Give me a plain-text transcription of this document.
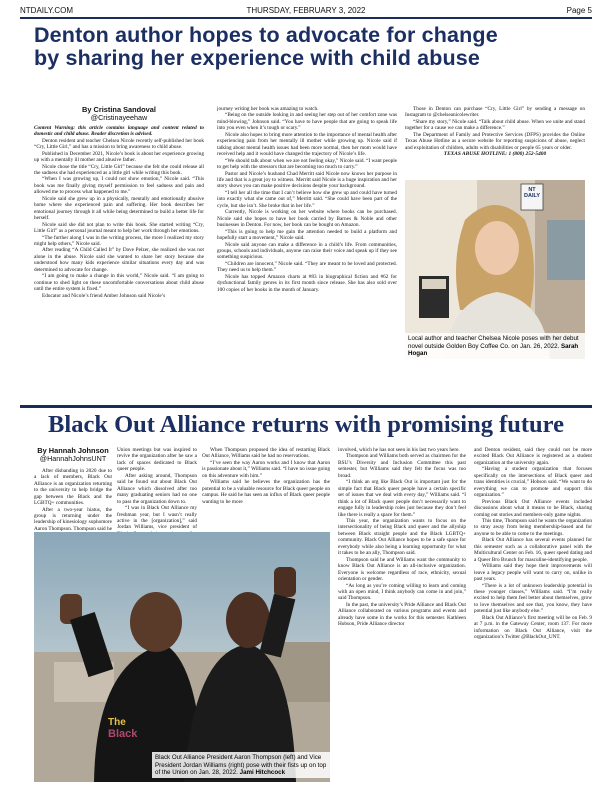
NTDAILY.COM	THURSDAY, FEBRUARY 3, 2022	Page 5
Denton author hopes to advocate for change
by sharing her experience with child abuse
By Cristina Sandoval
@Cristinayeehaw

Content Warning: this article contains language and content related to domestic and child abuse. Reader discretion is advised.

Denton resident and teacher Chelsea Nicole recently self-published her book “Cry, Little Girl,” and has a mission to bring awareness to child abuse.

Published in December 2021, Nicole’s book is about her experience growing up with a mentally ill mother and abusive father.

Nicole chose the title “Cry, Little Girl” because she felt she could release all the sadness she had experienced as a little girl while writing this book.

“When I was growing up, I could not show emotion,” Nicole said. “This book was me finally giving myself permission to feel sadness and pain and allowed me to process what happened to me.”

Nicole said she grew up in a physically, mentally and emotionally abusive home where she experienced pain and suffering. Her book describes her emotional journey through it all while being determined to build a better life for herself.

Nicole said she did not plan to write this book. She started writing “Cry, Little Girl” as a personal journal meant to help her work through her emotions.

“The further along I was in the writing process, the more I realized my story might help others,” Nicole said.

After reading “A Child Called It” by Dave Pelzer, she realized she was not alone in the abuse. Nicole said she wanted to share her story because she understood how many kids experience similar situations every day and was determined to advocate for change.

“I am going to make a change in this world,” Nicole said. “I am going to continue to shed light on these uncomfortable conversations about child abuse until the entire system is fixed.”

Educator and Nicole’s friend Amber Johnson said Nicole’s

journey writing her book was amazing to watch.

“Being on the outside looking in and seeing her step out of her comfort zone was mind-blowing,” Johnson said. “You have to have people that are going to speak life into you even when it’s tough or scary.”

Nicole also hopes to bring more attention to the importance of mental health after experiencing pain from her mentally ill mother while growing up. Nicole said if talking about mental health issues had been more normal, then her mom would have received help and it would have changed the trajectory of Nicole’s life.

“We should talk about when we are not feeling okay,” Nicole said. “I want people to get help with the stressors that are becoming too much to carry.”

Pastor and Nicole’s husband Chad Merritt said Nicole now knows her purpose in life and that is a great joy to witness. Merritt said Nicole is a huge inspiration and her story shows you can make positive decisions despite your background.

“I tell her all the time that I can’t believe how she grew up and could have turned into exactly what she came out of,” Merritt said. “She could have been part of the cycle, but she isn’t. She broke that in her life.”

Currently, Nicole is working on her website where books can be purchased. Nicole said she hopes to have her book carried by Barnes & Noble and other businesses in Denton. For now, her book can be bought on Amazon.

“This is going to help me gain the attention needed to build a platform and hopefully start a movement,” Nicole said.

Nicole said anyone can make a difference in a child’s life. From communities, groups, schools and individuals, anyone can raise their voice and speak up if they see something suspicious.

“Children are innocent,” Nicole said. “They are meant to be loved and protected. They need us to help them.”

Nicole has topped Amazon charts at #83 in biographical fiction and #62 for dysfunctional family genres in its first month since release. She has also sold over 100 copies of her books in the month of January.

Those in Denton can purchase “Cry, Little Girl” by sending a message on Instagram to @chelseanicolewriter.

“Share my story,” Nicole said. “Talk about child abuse. When we unite and stand together for a cause we can make a difference.”

The Department of Family and Protective Services (DFPS) provides the Online Texas Abuse Hotline as a secure website for reporting suspicions of abuse, neglect and exploitation of children, adults with disabilities or people 65 years or older.

TEXAS ABUSE HOTLINE: 1 (800) 252-5400
NT DAILY
Local author and teacher Chelsea Nicole poses with her debut novel outside Golden Boy Coffee Co. on Jan. 26, 2022. Sarah Hogan
Black Out Alliance returns with promising future
By Hannah Johnson
@HannahJohnsUNT

After disbanding in 2020 due to a lack of members, Black Out Alliance is an organization returning to the university to help bridge the gap between the Black and the LGBTQ+ communities.

After a two-year hiatus, the group is returning under the leadership of kinesiology sophomore Aaron Thompson. Thompson said he

Union meetings but was inspired to revive the organization after he saw a lack of spaces dedicated to Black queer people.

After asking around, Thompson said he found out about Black Out Alliance which dissolved after too many graduating seniors had no one to pass the organization down to.

“I was in Black Out Alliance my freshman year, but I wasn’t really active in the [organization],” said Jordan Williams, vice president of

When Thompson proposed the idea of restarting Black Out Alliance, Williams said he had no reservations.

“I’ve seen the way Aaron works and I know that Aaron is passionate about it,” Williams said. “I have no issue going on this adventure with him.”

Williams said he believes the organization has the potential to be a valuable resource for Black queer people on campus. He said he has seen an influx of Black queer people wanting to be more

involved, which he has not seen in his last two years here.

Thompson and Williams both served as chairmen for the BSU’s Diversity and Inclusion Committee this past semester, but Williams said they felt the focus was too broad.

“I think an org like Black Out is important just for the simple fact that Black queer people have a certain specific set of issues that we deal with every day,” Williams said. “I think a lot of Black queer people don’t necessarily want to engage fully in leadership roles just because they don’t feel like there is really a space for them.”

This year, the organization wants to focus on the intersectionality of being Black and queer and the allyship between Black straight people and the Black LGBTQ+ community. Black Out Alliance hopes to be a safe space for everybody while also being a learning opportunity for what it takes to be an ally, Thompson said.

Thompson said he and Williams want the community to know Black Out Alliance is an all-inclusive organization. Everyone is welcome regardless of race, ethnicity, sexual orientation or gender.

“As long as you’re coming willing to learn and coming with an open mind, I think anybody can come in and join,” said Thompson.

In the past, the university’s Pride Alliance and Black Out Alliance collaborated on various programs and events and already have some in the works for this semester. Kathleen Hobson, Pride Alliance director

and Denton resident, said they could not be more excited Black Out Alliance is registered as a student organization at the university again.

“Having a student organization that focuses specifically on the intersections of Black queer and trans identities is crucial,” Hobson said. “We want to do everything we can to promote and support this organization.”

Previous Black Out Alliance events included discussions about what it means to be Black, sharing coming out stories and members-only game nights.

This time, Thompson said he wants the organization to stray away from being membership-based and for anyone to be able to come to the meetings.

Black Out Alliance has several events planned for this semester such as a collaborative panel with the Multicultural Center on Feb. 16, queer speed dating and a Queer Bro Brunch for masculine-identifying people.

Williams said they hope their improvements will leave a legacy people will want to carry on, unlike in past years.

“There is a lot of unknown leadership potential in these younger classes,” Williams said. “I’m really excited to help them feel better about themselves, grow to love themselves and see that, you know, they have potential just like anybody else.”

Black Out Alliance’s first meeting will be on Feb. 9 at 7 p.m. in the Gateway Center, room 137. For more information on Black Out Alliance, visit the organization’s Twitter @BlackOut_UNT.

The
Black
Black Out Alliance President Aaron Thompson (left) and Vice President Jordan Williams (right) pose with their fists up on top of the Union on Jan. 28, 2022. Jami Hitchcock
